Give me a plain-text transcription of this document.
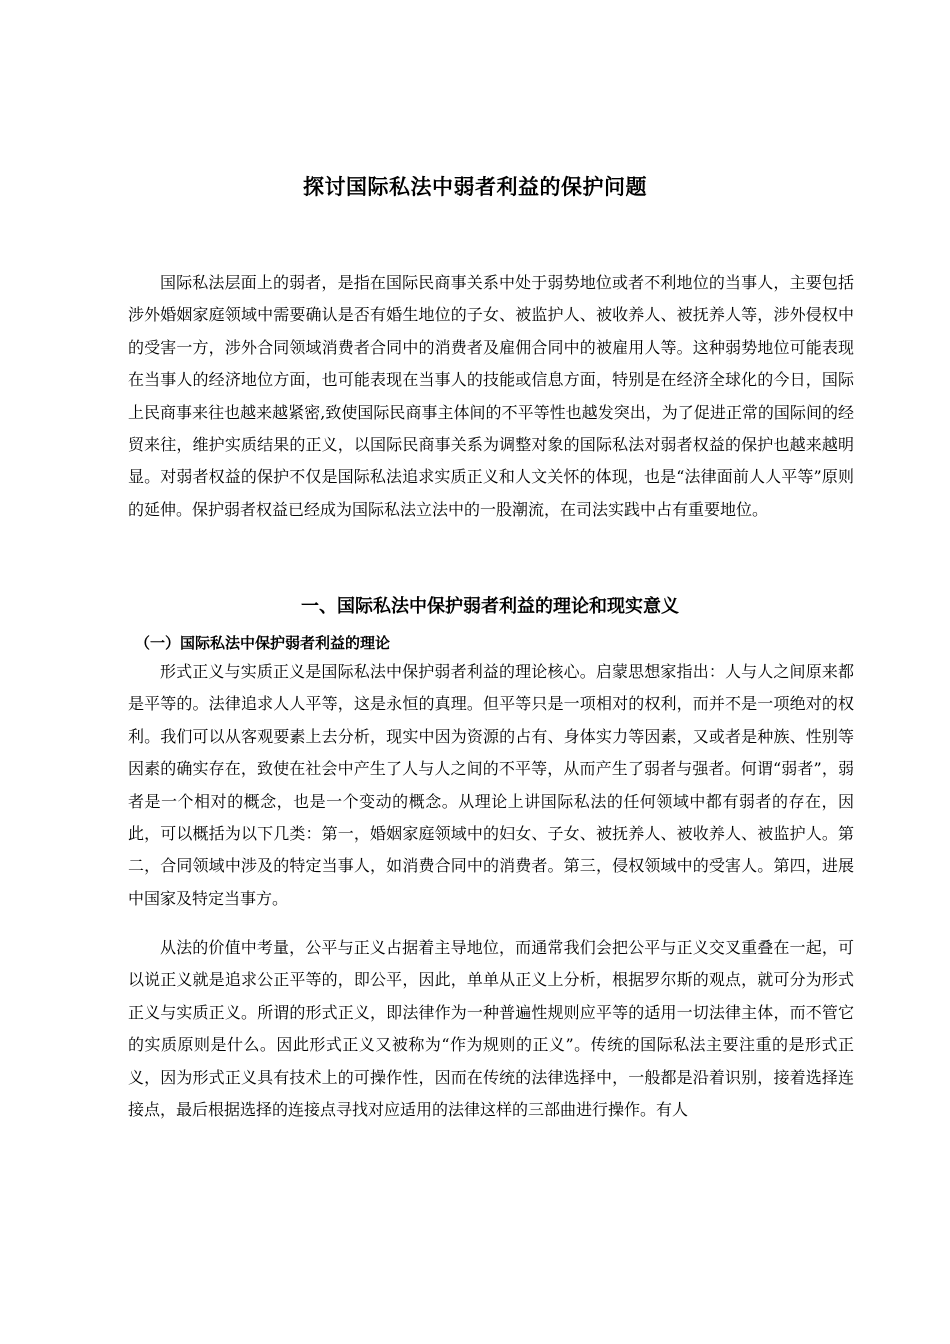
探讨国际私法中弱者利益的保护问题

国际私法层面上的弱者，是指在国际民商事关系中处于弱势地位或者不利地位的当事人，主要包括涉外婚姻家庭领域中需要确认是否有婚生地位的子女、被监护人、被收养人、被抚养人等，涉外侵权中的受害一方，涉外合同领域消费者合同中的消费者及雇佣合同中的被雇用人等。这种弱势地位可能表现在当事人的经济地位方面，也可能表现在当事人的技能或信息方面，特别是在经济全球化的今日，国际上民商事来往也越来越紧密,致使国际民商事主体间的不平等性也越发突出，为了促进正常的国际间的经贸来往，维护实质结果的正义，以国际民商事关系为调整对象的国际私法对弱者权益的保护也越来越明显。对弱者权益的保护不仅是国际私法追求实质正义和人文关怀的体现，也是“法律面前人人平等”原则的延伸。保护弱者权益已经成为国际私法立法中的一股潮流，在司法实践中占有重要地位。

一、国际私法中保护弱者利益的理论和现实意义
（一）国际私法中保护弱者利益的理论

形式正义与实质正义是国际私法中保护弱者利益的理论核心。启蒙思想家指出：人与人之间原来都是平等的。法律追求人人平等，这是永恒的真理。但平等只是一项相对的权利，而并不是一项绝对的权利。我们可以从客观要素上去分析，现实中因为资源的占有、身体实力等因素，又或者是种族、性别等因素的确实存在，致使在社会中产生了人与人之间的不平等，从而产生了弱者与强者。何谓“弱者”，弱者是一个相对的概念，也是一个变动的概念。从理论上讲国际私法的任何领域中都有弱者的存在，因此，可以概括为以下几类：第一，婚姻家庭领域中的妇女、子女、被抚养人、被收养人、被监护人。第二，合同领域中涉及的特定当事人，如消费合同中的消费者。第三，侵权领域中的受害人。第四，进展中国家及特定当事方。

从法的价值中考量，公平与正义占据着主导地位，而通常我们会把公平与正义交叉重叠在一起，可以说正义就是追求公正平等的，即公平，因此，单单从正义上分析，根据罗尔斯的观点，就可分为形式正义与实质正义。所谓的形式正义，即法律作为一种普遍性规则应平等的适用一切法律主体，而不管它的实质原则是什么。因此形式正义又被称为“作为规则的正义”。传统的国际私法主要注重的是形式正义，因为形式正义具有技术上的可操作性，因而在传统的法律选择中，一般都是沿着识别，接着选择连接点，最后根据选择的连接点寻找对应适用的法律这样的三部曲进行操作。有人
